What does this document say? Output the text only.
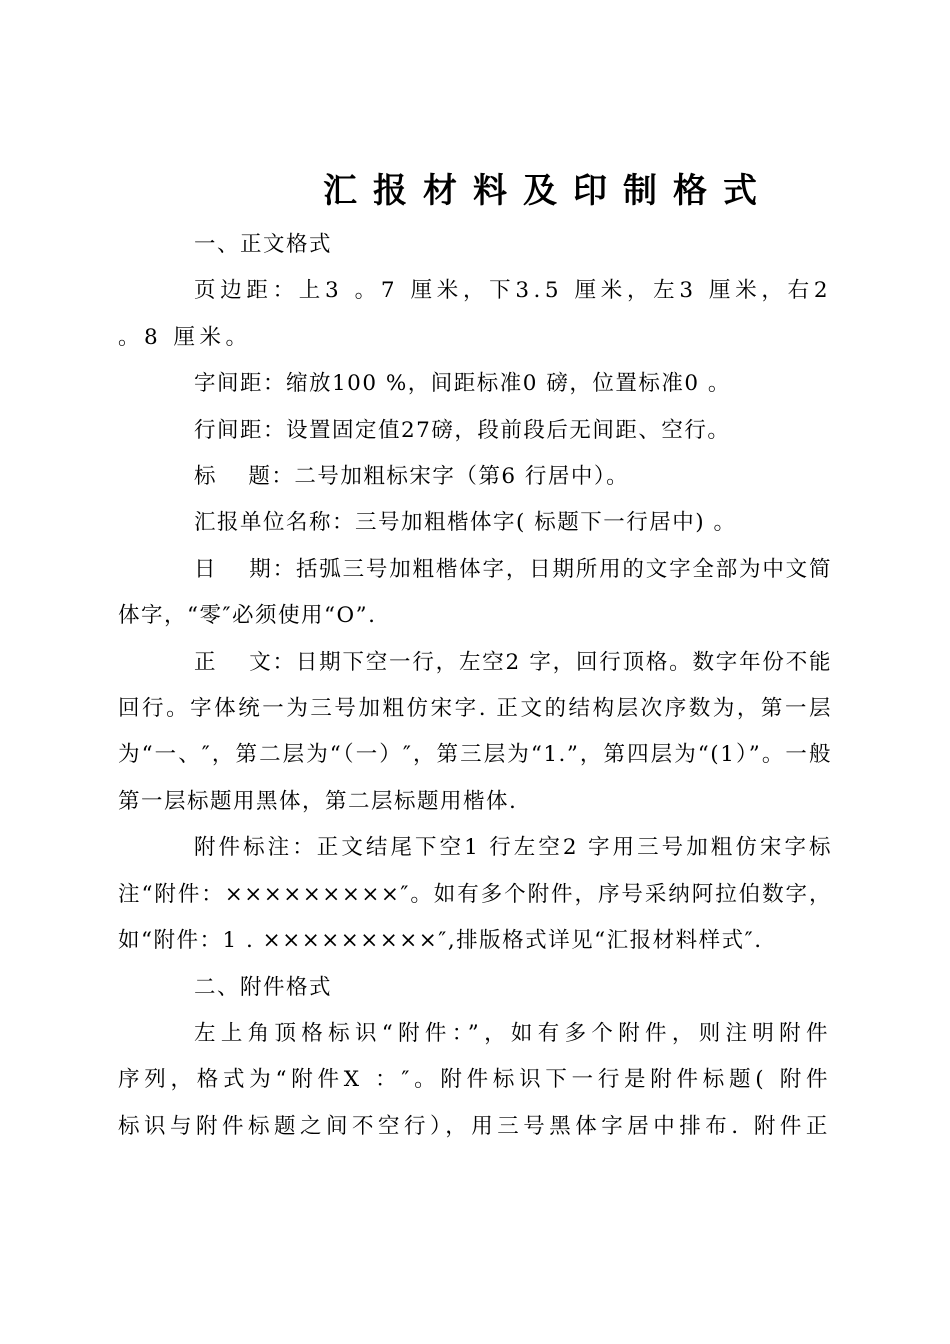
汇报材料及印制格式

一、正文格式

页边距：上3 。7 厘米，下3.5 厘米，左3 厘米，右2 。8 厘米。

字间距：缩放100 %，间距标准0 磅，位置标准0 。

行间距：设置固定值27磅，段前段后无间距、空行。

标　 题：二号加粗标宋字（第6 行居中）。

汇报单位名称：三号加粗楷体字( 标题下一行居中) 。

日　 期：括弧三号加粗楷体字，日期所用的文字全部为中文简体字，“零″必须使用“O”.

正　 文：日期下空一行，左空2 字，回行顶格。数字年份不能回行。字体统一为三号加粗仿宋字. 正文的结构层次序数为，第一层为“一、″，第二层为“（一）″，第三层为“1.”，第四层为“(1）”。一般第一层标题用黑体，第二层标题用楷体.

附件标注：正文结尾下空1 行左空2 字用三号加粗仿宋字标注“附件：×××××××××″。如有多个附件，序号采纳阿拉伯数字，如“附件：1 . ×××××××××″,排版格式详见“汇报材料样式″.

二、附件格式

左上角顶格标识“附件：”，如有多个附件，则注明附件序列，格式为“附件X ：″。附件标识下一行是附件标题( 附件标识与附件标题之间不空行），用三号黑体字居中排布. 附件正
